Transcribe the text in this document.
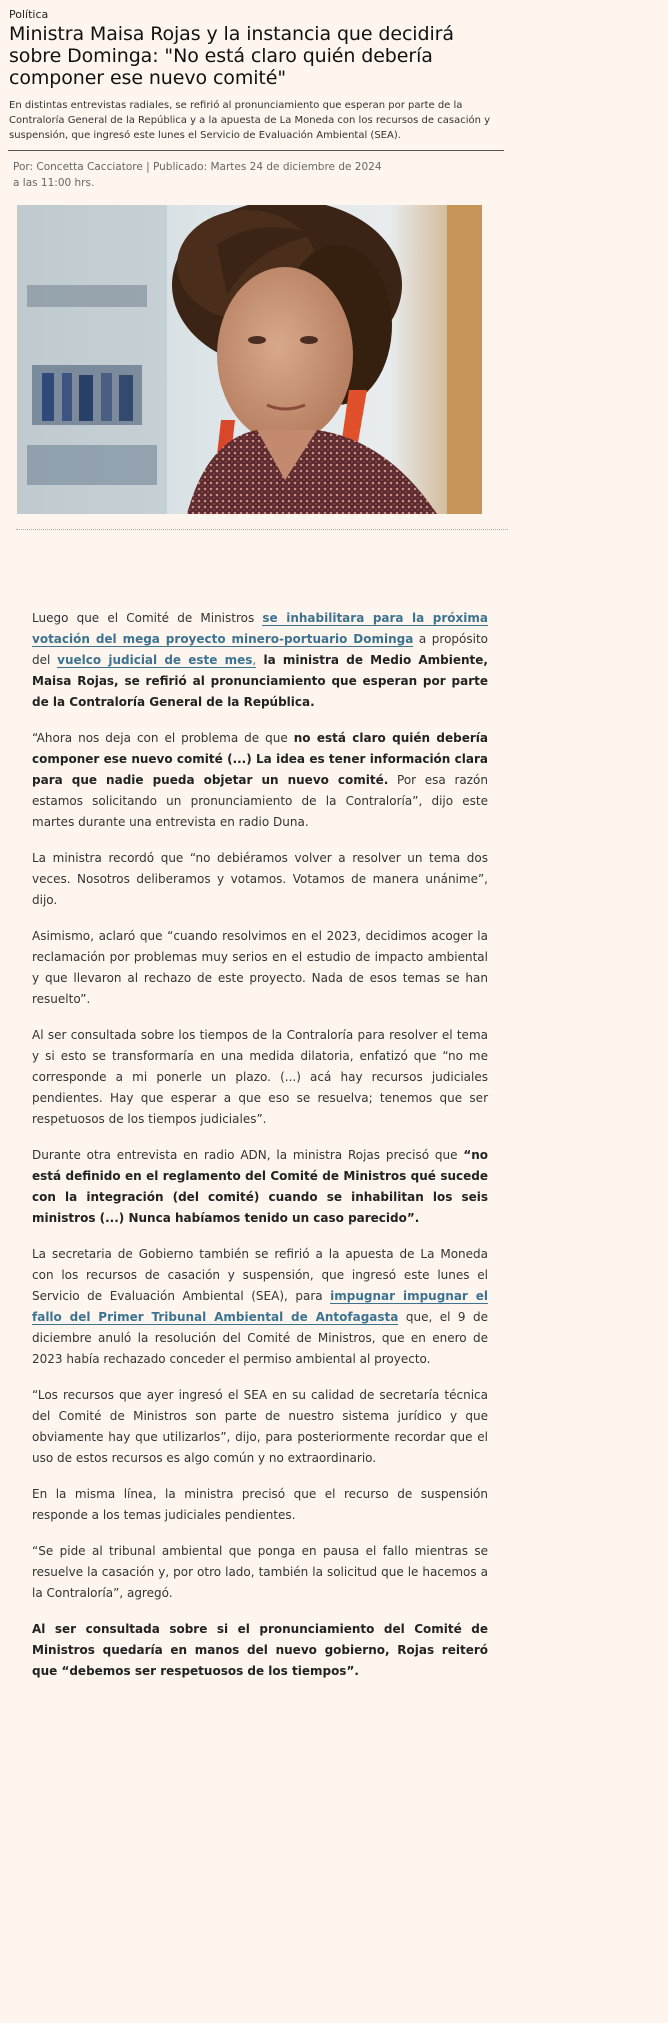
Política
Ministra Maisa Rojas y la instancia que decidirá sobre Dominga: "No está claro quién debería componer ese nuevo comité"
En distintas entrevistas radiales, se refirió al pronunciamiento que esperan por parte de la Contraloría General de la República y a la apuesta de La Moneda con los recursos de casación y suspensión, que ingresó este lunes el Servicio de Evaluación Ambiental (SEA).
Por: Concetta Cacciatore | Publicado: Martes 24 de diciembre de 2024
a las 11:00 hrs.

Luego que el Comité de Ministros se inhabilitara para la próxima votación del mega proyecto minero-portuario Dominga a propósito del vuelco judicial de este mes, la ministra de Medio Ambiente, Maisa Rojas, se refirió al pronunciamiento que esperan por parte de la Contraloría General de la República.

“Ahora nos deja con el problema de que no está claro quién debería componer ese nuevo comité (...) La idea es tener información clara para que nadie pueda objetar un nuevo comité. Por esa razón estamos solicitando un pronunciamiento de la Contraloría”, dijo este martes durante una entrevista en radio Duna.

La ministra recordó que “no debiéramos volver a resolver un tema dos veces. Nosotros deliberamos y votamos. Votamos de manera unánime”, dijo.

Asimismo, aclaró que “cuando resolvimos en el 2023, decidimos acoger la reclamación por problemas muy serios en el estudio de impacto ambiental y que llevaron al rechazo de este proyecto. Nada de esos temas se han resuelto”.

Al ser consultada sobre los tiempos de la Contraloría para resolver el tema y si esto se transformaría en una medida dilatoria, enfatizó que “no me corresponde a mi ponerle un plazo. (...) acá hay recursos judiciales pendientes. Hay que esperar a que eso se resuelva; tenemos que ser respetuosos de los tiempos judiciales”.

Durante otra entrevista en radio ADN, la ministra Rojas precisó que “no está definido en el reglamento del Comité de Ministros qué sucede con la integración (del comité) cuando se inhabilitan los seis ministros (...) Nunca habíamos tenido un caso parecido”.

La secretaria de Gobierno también se refirió a la apuesta de La Moneda con los recursos de casación y suspensión, que ingresó este lunes el Servicio de Evaluación Ambiental (SEA), para impugnar impugnar el fallo del Primer Tribunal Ambiental de Antofagasta que, el 9 de diciembre anuló la resolución del Comité de Ministros, que en enero de 2023 había rechazado conceder el permiso ambiental al proyecto.

“Los recursos que ayer ingresó el SEA en su calidad de secretaría técnica del Comité de Ministros son parte de nuestro sistema jurídico y que obviamente hay que utilizarlos”, dijo, para posteriormente recordar que el uso de estos recursos es algo común y no extraordinario.

En la misma línea, la ministra precisó que el recurso de suspensión responde a los temas judiciales pendientes.

“Se pide al tribunal ambiental que ponga en pausa el fallo mientras se resuelve la casación y, por otro lado, también la solicitud que le hacemos a la Contraloría”, agregó.

Al ser consultada sobre si el pronunciamiento del Comité de Ministros quedaría en manos del nuevo gobierno, Rojas reiteró que “debemos ser respetuosos de los tiempos”.
